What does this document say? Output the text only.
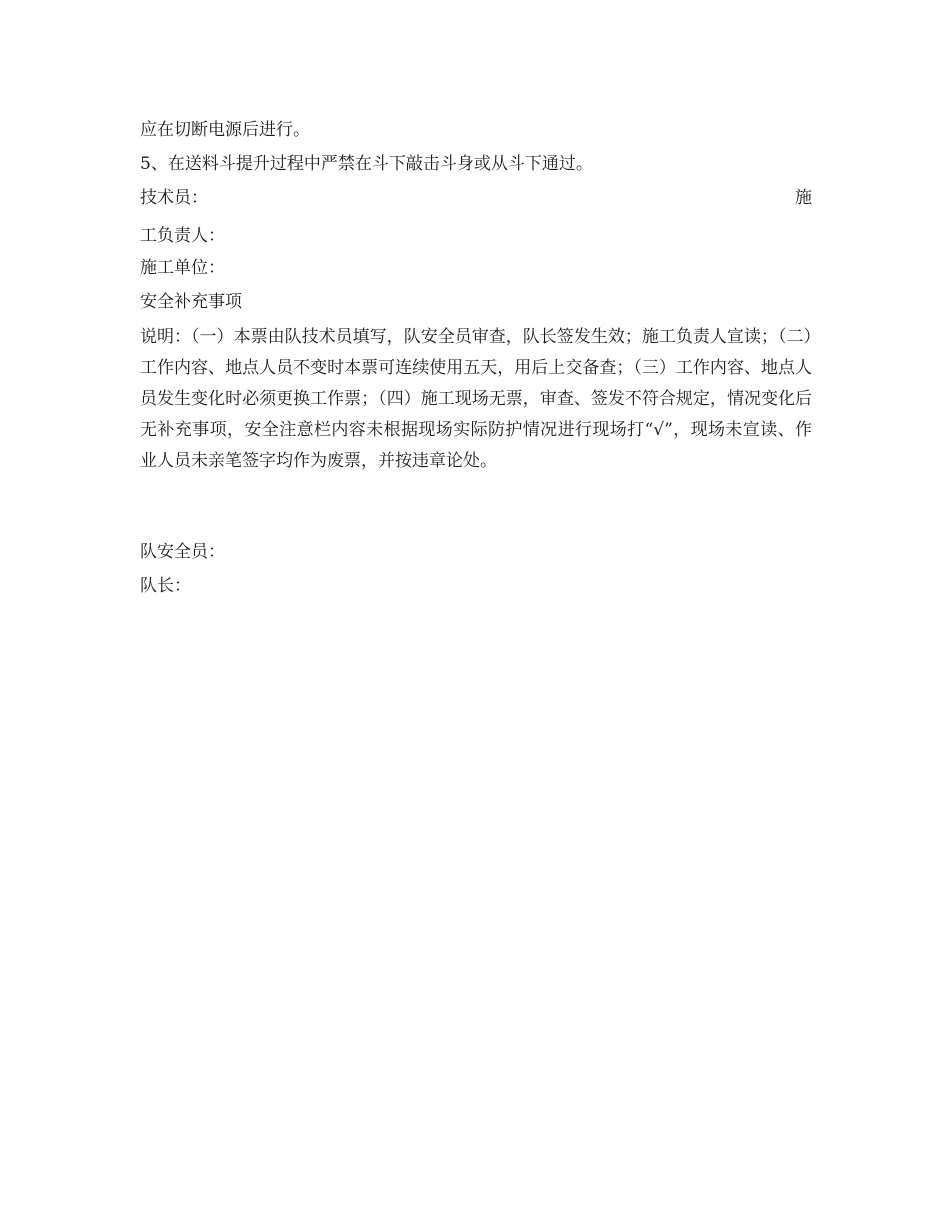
应在切断电源后进行。
5、在送料斗提升过程中严禁在斗下敲击斗身或从斗下通过。
技术员：	施
工负责人：
施工单位：
安全补充事项
说明：（一）本票由队技术员填写，队安全员审查，队长签发生效；施工负责人宣读；（二）工作内容、地点人员不变时本票可连续使用五天，用后上交备查；（三）工作内容、地点人员发生变化时必须更换工作票；（四）施工现场无票，审查、签发不符合规定，情况变化后无补充事项，安全注意栏内容未根据现场实际防护情况进行现场打“√”，现场未宣读、作业人员未亲笔签字均作为废票，并按违章论处。
队安全员：
队长：
